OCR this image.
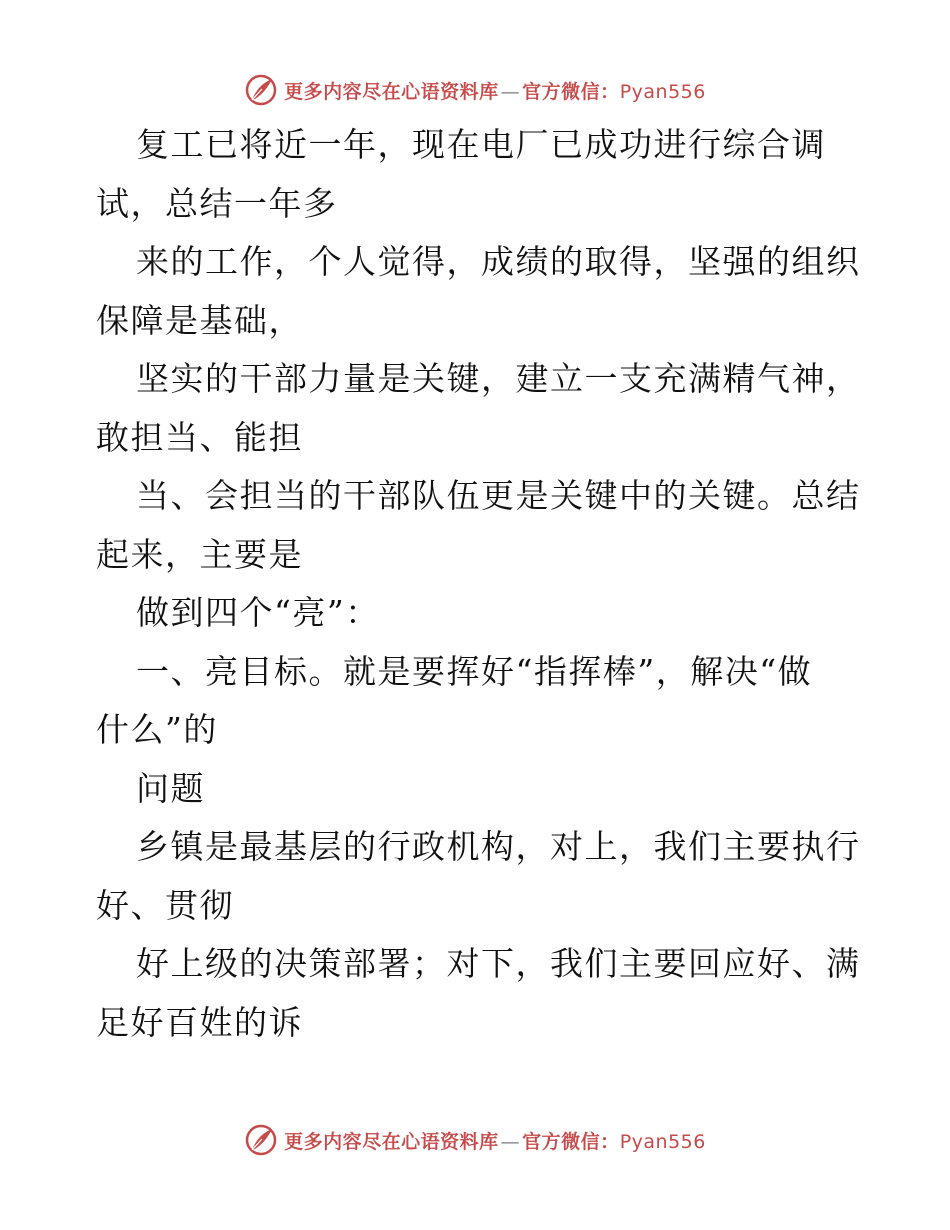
更多内容尽在心语资料库 — 官方微信：Pyan556
复工已将近一年，现在电厂已成功进行综合调
试，总结一年多
来的工作，个人觉得，成绩的取得，坚强的组织
保障是基础，
坚实的干部力量是关键，建立一支充满精气神，
敢担当、能担
当、会担当的干部队伍更是关键中的关键。总结
起来，主要是
做到四个“亮”：
一、亮目标。就是要挥好“指挥棒”，解决“做
什么”的
问题
乡镇是最基层的行政机构，对上，我们主要执行
好、贯彻
好上级的决策部署；对下，我们主要回应好、满
足好百姓的诉
更多内容尽在心语资料库 — 官方微信：Pyan556
